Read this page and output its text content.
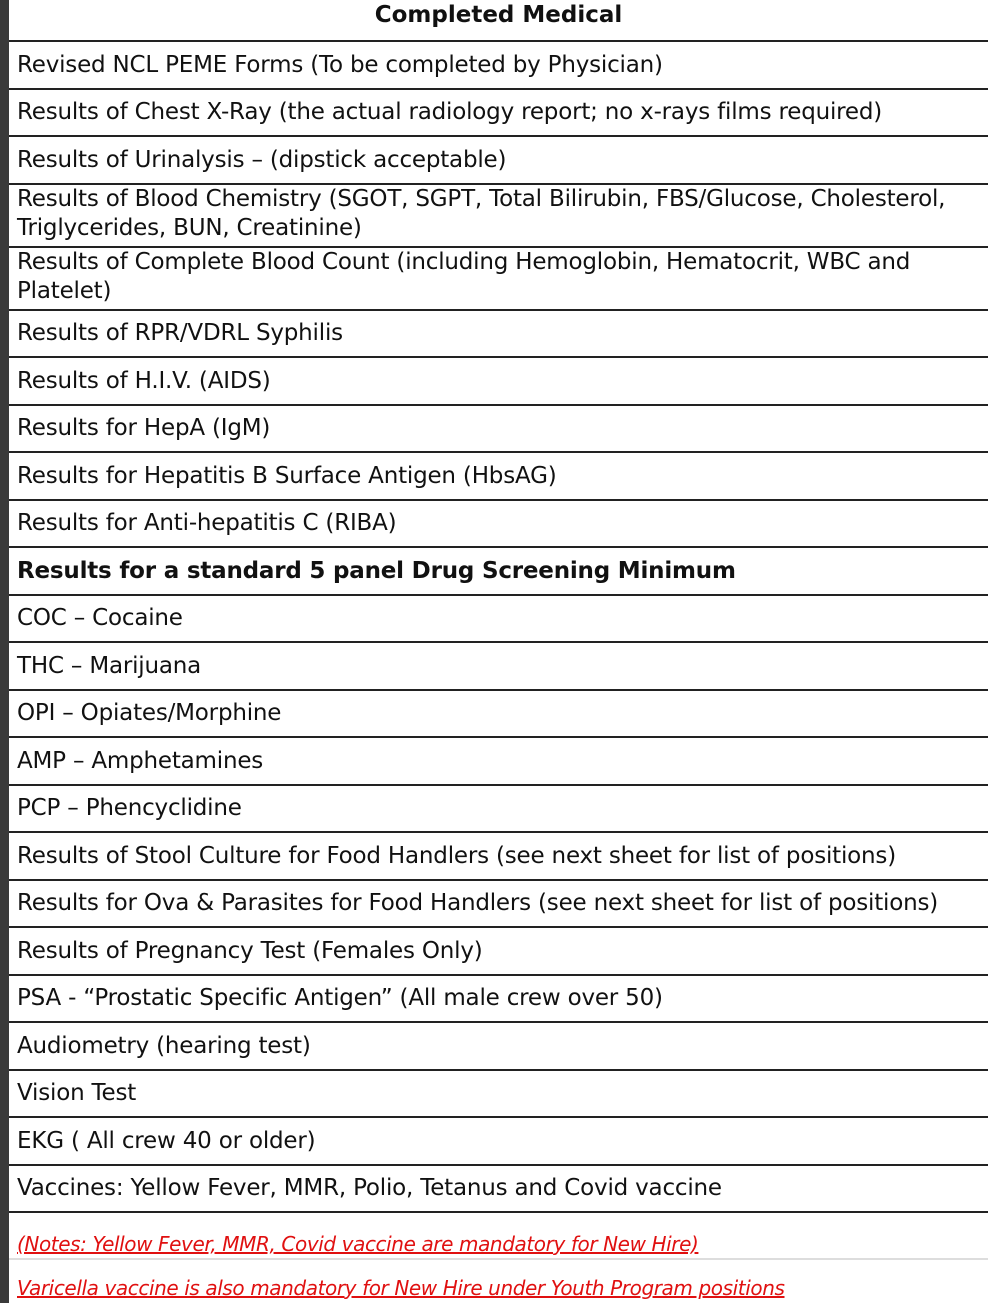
Completed Medical
Revised NCL PEME Forms (To be completed by Physician)
Results of Chest X-Ray (the actual radiology report; no x-rays films required)
Results of Urinalysis – (dipstick acceptable)
Results of Blood Chemistry (SGOT, SGPT, Total Bilirubin, FBS/Glucose, Cholesterol, Triglycerides, BUN, Creatinine)
Results of Complete Blood Count (including Hemoglobin, Hematocrit, WBC and Platelet)
Results of RPR/VDRL Syphilis
Results of H.I.V. (AIDS)
Results for HepA (IgM)
Results for Hepatitis B Surface Antigen (HbsAG)
Results for Anti-hepatitis C (RIBA)
Results for a standard 5 panel Drug Screening Minimum
COC – Cocaine
THC – Marijuana
OPI – Opiates/Morphine
AMP – Amphetamines
PCP – Phencyclidine
Results of Stool Culture for Food Handlers (see next sheet for list of positions)
Results for Ova & Parasites for Food Handlers (see next sheet for list of positions)
Results of Pregnancy Test (Females Only)
PSA - “Prostatic Specific Antigen” (All male crew over 50)
Audiometry (hearing test)
Vision Test
EKG ( All crew 40 or older)
Vaccines: Yellow Fever, MMR, Polio, Tetanus and Covid vaccine
(Notes: Yellow Fever, MMR, Covid vaccine are mandatory for New Hire)
Varicella vaccine is also mandatory for New Hire under Youth Program positions
